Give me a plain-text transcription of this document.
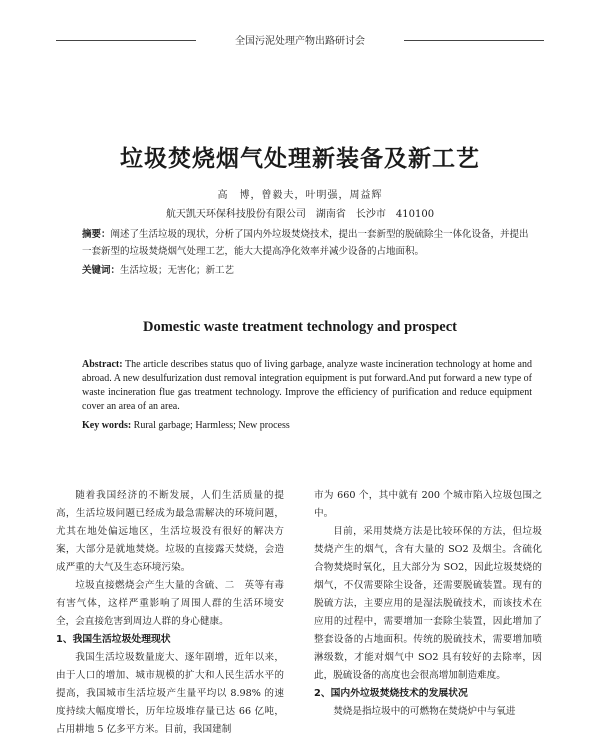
全国污泥处理产物出路研讨会
垃圾焚烧烟气处理新装备及新工艺
高　博，曾毅夫，叶明强，周益辉
航天凯天环保科技股份有限公司　湖南省　长沙市　410100

摘要：阐述了生活垃圾的现状，分析了国内外垃圾焚烧技术，提出一套新型的脱硫除尘一体化设备，并提出一套新型的垃圾焚烧烟气处理工艺，能大大提高净化效率并减少设备的占地面积。

关键词：生活垃圾；无害化；新工艺
Domestic waste treatment technology and prospect

Abstract: The article describes status quo of living garbage, analyze waste incineration technology at home and abroad. A new desulfurization dust removal integration equipment is put forward.And put forward a new type of waste incineration flue gas treatment technology. Improve the efficiency of purification and reduce equipment cover an area of an area.

Key words: Rural garbage; Harmless; New process

随着我国经济的不断发展，人们生活质量的提高，生活垃圾问题已经成为最急需解决的环境问题，尤其在地处偏远地区，生活垃圾没有很好的解决方案，大部分是就地焚烧。垃圾的直接露天焚烧，会造成严重的大气及生态环境污染。

垃圾直接燃烧会产生大量的含硫、二　英等有毒有害气体，这样严重影响了周围人群的生活环境安全，会直接危害到周边人群的身心健康。

1、我国生活垃圾处理现状

我国生活垃圾数量庞大、逐年剧增，近年以来，由于人口的增加、城市规模的扩大和人民生活水平的提高，我国城市生活垃圾产生量平均以 8.98% 的速度持续大幅度增长，历年垃圾堆存量已达 66 亿吨，占用耕地 5 亿多平方米。目前，我国建制

市为 660 个，其中就有 200 个城市陷入垃圾包围之中。

目前，采用焚烧方法是比较环保的方法，但垃圾焚烧产生的烟气，含有大量的 SO2 及烟尘。含硫化合物焚烧时氧化，且大部分为 SO2，因此垃圾焚烧的烟气，不仅需要除尘设备，还需要脱硫装置。现有的脱硫方法，主要应用的是湿法脱硫技术，而该技术在应用的过程中，需要增加一套除尘装置，因此增加了整套设备的占地面积。传统的脱硫技术，需要增加喷淋级数，才能对烟气中 SO2 具有较好的去除率，因此，脱硫设备的高度也会很高增加制造难度。

2、国内外垃圾焚烧技术的发展状况

焚烧是指垃圾中的可燃物在焚烧炉中与氧进
